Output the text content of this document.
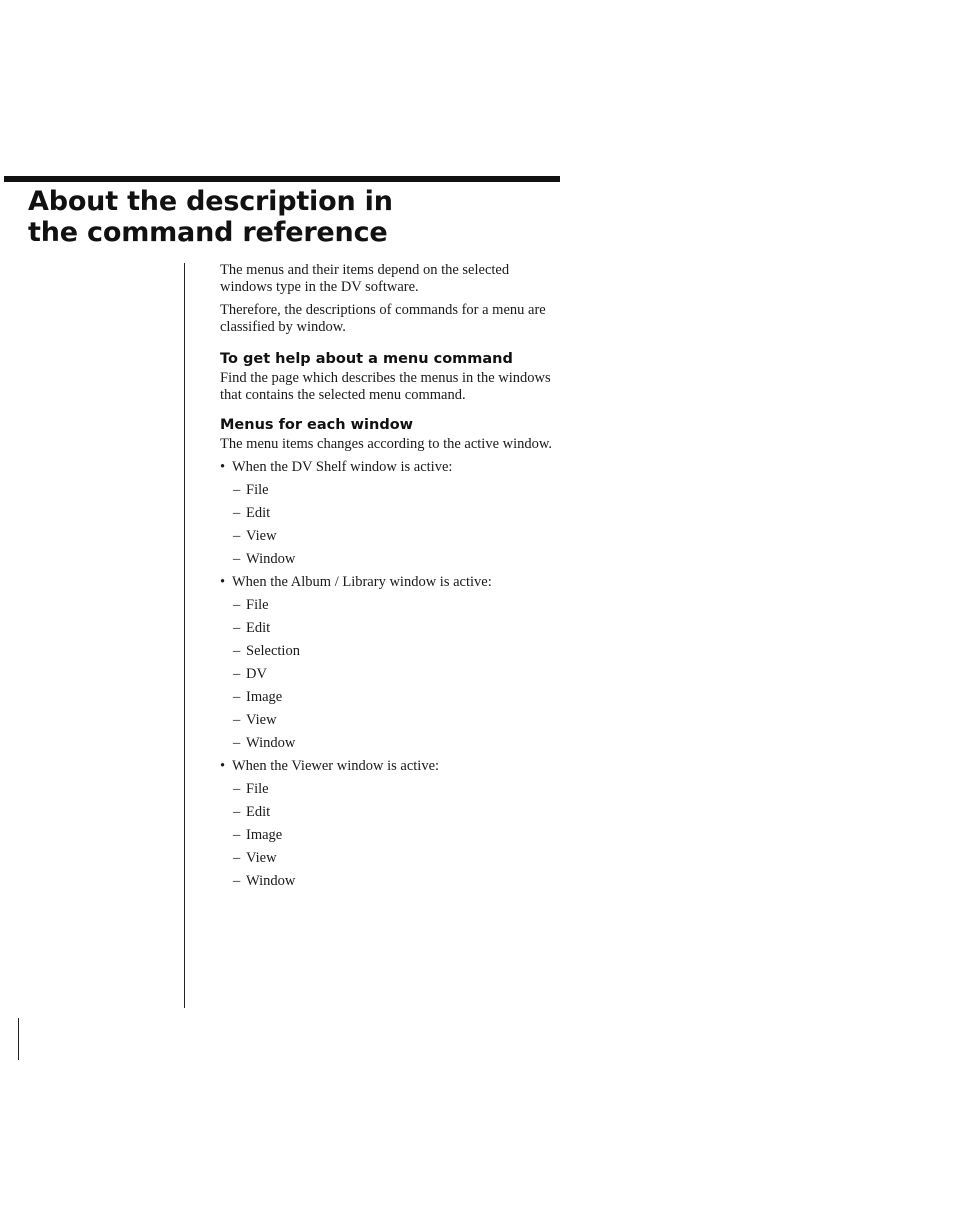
About the description in
the command reference

The menus and their items depend on the selected windows type in the DV software.

Therefore, the descriptions of commands for a menu are classified by window.

To get help about a menu command

Find the page which describes the menus in the windows that contains the selected menu command.

Menus for each window

The menu items changes according to the active window.

• When the DV Shelf window is active:
– File
– Edit
– View
– Window
• When the Album / Library window is active:
– File
– Edit
– Selection
– DV
– Image
– View
– Window
• When the Viewer window is active:
– File
– Edit
– Image
– View
– Window
